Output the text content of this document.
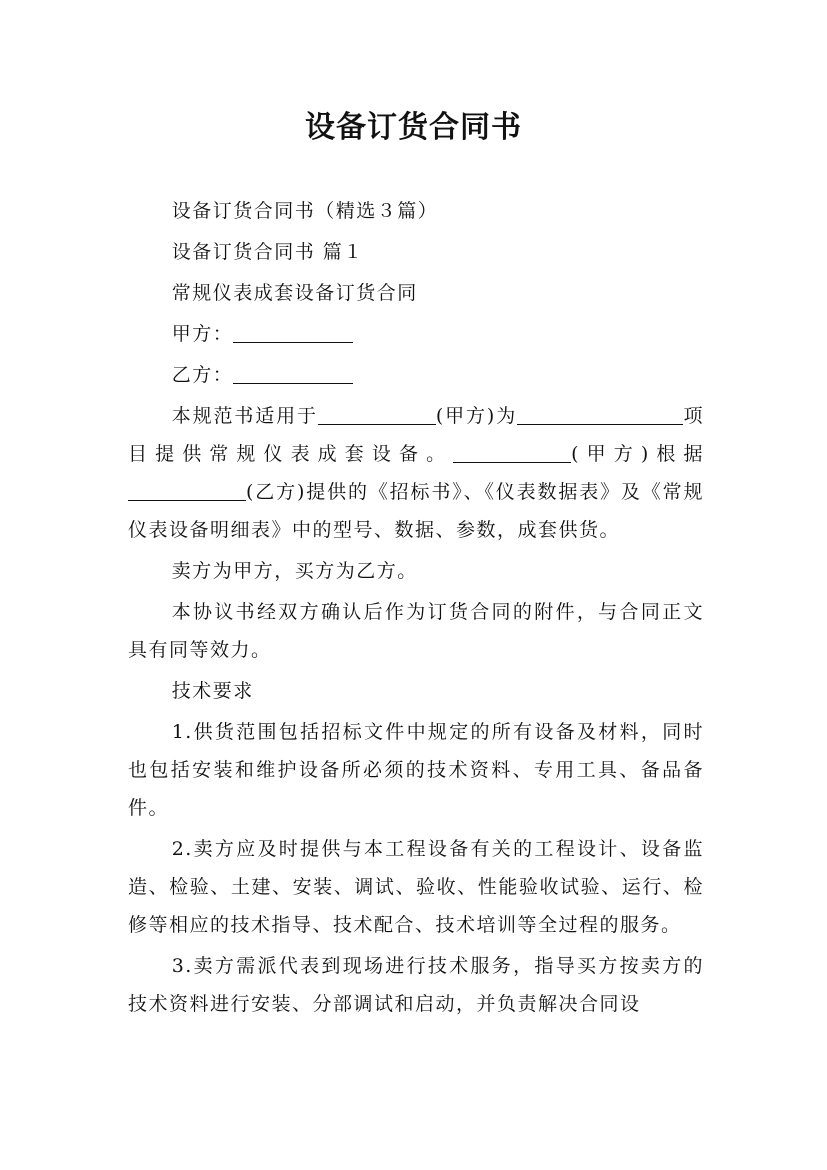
设备订货合同书

设备订货合同书（精选３篇）

设备订货合同书 篇１

常规仪表成套设备订货合同

甲方：

乙方：

本规范书适用于	(甲方)为	项目提供常规仪表成套设备。	(甲方)根据(乙方)提供的《招标书》、《仪表数据表》及《常规仪表设备明细表》中的型号、数据、参数，成套供货。

卖方为甲方，买方为乙方。

本协议书经双方确认后作为订货合同的附件，与合同正文具有同等效力。

技术要求

1.供货范围包括招标文件中规定的所有设备及材料，同时也包括安装和维护设备所必须的技术资料、专用工具、备品备件。

2.卖方应及时提供与本工程设备有关的工程设计、设备监造、检验、土建、安装、调试、验收、性能验收试验、运行、检修等相应的技术指导、技术配合、技术培训等全过程的服务。

3.卖方需派代表到现场进行技术服务，指导买方按卖方的技术资料进行安装、分部调试和启动，并负责解决合同设
